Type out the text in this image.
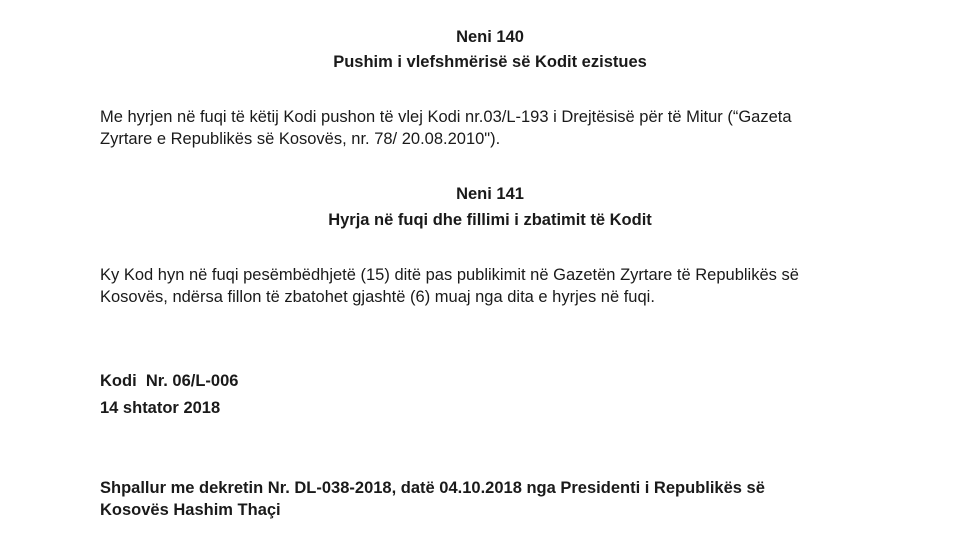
Neni 140
Pushim i vlefshmërisë së Kodit ezistues
Me hyrjen në fuqi të këtij Kodi pushon të vlej Kodi nr.03/L-193 i Drejtësisë për të Mitur (“Gazeta
Zyrtare e Republikës së Kosovës, nr. 78/ 20.08.2010").
Neni 141
Hyrja në fuqi dhe fillimi i zbatimit të Kodit
Ky Kod hyn në fuqi pesëmbëdhjetë (15) ditë pas publikimit në Gazetën Zyrtare të Republikës së
Kosovës, ndërsa fillon të zbatohet gjashtë (6) muaj nga dita e hyrjes në fuqi.
Kodi  Nr. 06/L-006
14 shtator 2018
Shpallur me dekretin Nr. DL-038-2018, datë 04.10.2018 nga Presidenti i Republikës së
Kosovës Hashim Thaçi
